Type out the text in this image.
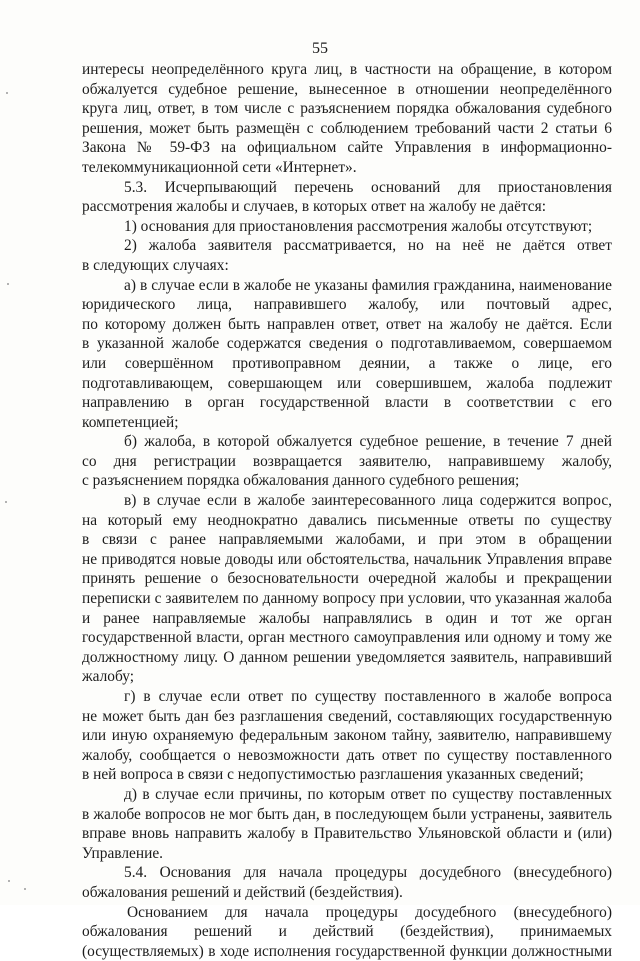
55
интересы неопределённого круга лиц, в частности на обращение, в котором
обжалуется судебное решение, вынесенное в отношении неопределённого
круга лиц, ответ, в том числе с разъяснением порядка обжалования судебного
решения, может быть размещён с соблюдением требований части 2 статьи 6
Закона № 59-ФЗ на официальном сайте Управления в информационно-
телекоммуникационной сети «Интернет».
5.3. Исчерпывающий перечень оснований для приостановления
рассмотрения жалобы и случаев, в которых ответ на жалобу не даётся:
1) основания для приостановления рассмотрения жалобы отсутствуют;
2) жалоба заявителя рассматривается, но на неё не даётся ответ
в следующих случаях:
а) в случае если в жалобе не указаны фамилия гражданина, наименование
юридического лица, направившего жалобу, или почтовый адрес,
по которому должен быть направлен ответ, ответ на жалобу не даётся. Если
в указанной жалобе содержатся сведения о подготавливаемом, совершаемом
или совершённом противоправном деянии, а также о лице, его
подготавливающем, совершающем или совершившем, жалоба подлежит
направлению в орган государственной власти в соответствии с его
компетенцией;
б) жалоба, в которой обжалуется судебное решение, в течение 7 дней
со дня регистрации возвращается заявителю, направившему жалобу,
с разъяснением порядка обжалования данного судебного решения;
в) в случае если в жалобе заинтересованного лица содержится вопрос,
на который ему неоднократно давались письменные ответы по существу
в связи с ранее направляемыми жалобами, и при этом в обращении
не приводятся новые доводы или обстоятельства, начальник Управления вправе
принять решение о безосновательности очередной жалобы и прекращении
переписки с заявителем по данному вопросу при условии, что указанная жалоба
и ранее направляемые жалобы направлялись в один и тот же орган
государственной власти, орган местного самоуправления или одному и тому же
должностному лицу. О данном решении уведомляется заявитель, направивший
жалобу;
г) в случае если ответ по существу поставленного в жалобе вопроса
не может быть дан без разглашения сведений, составляющих государственную
или иную охраняемую федеральным законом тайну, заявителю, направившему
жалобу, сообщается о невозможности дать ответ по существу поставленного
в ней вопроса в связи с недопустимостью разглашения указанных сведений;
д) в случае если причины, по которым ответ по существу поставленных
в жалобе вопросов не мог быть дан, в последующем были устранены, заявитель
вправе вновь направить жалобу в Правительство Ульяновской области и (или)
Управление.
5.4. Основания для начала процедуры досудебного (внесудебного)
обжалования решений и действий (бездействия).
Основанием для начала процедуры досудебного (внесудебного)
обжалования решений и действий (бездействия), принимаемых
(осуществляемых) в ходе исполнения государственной функции должностными
